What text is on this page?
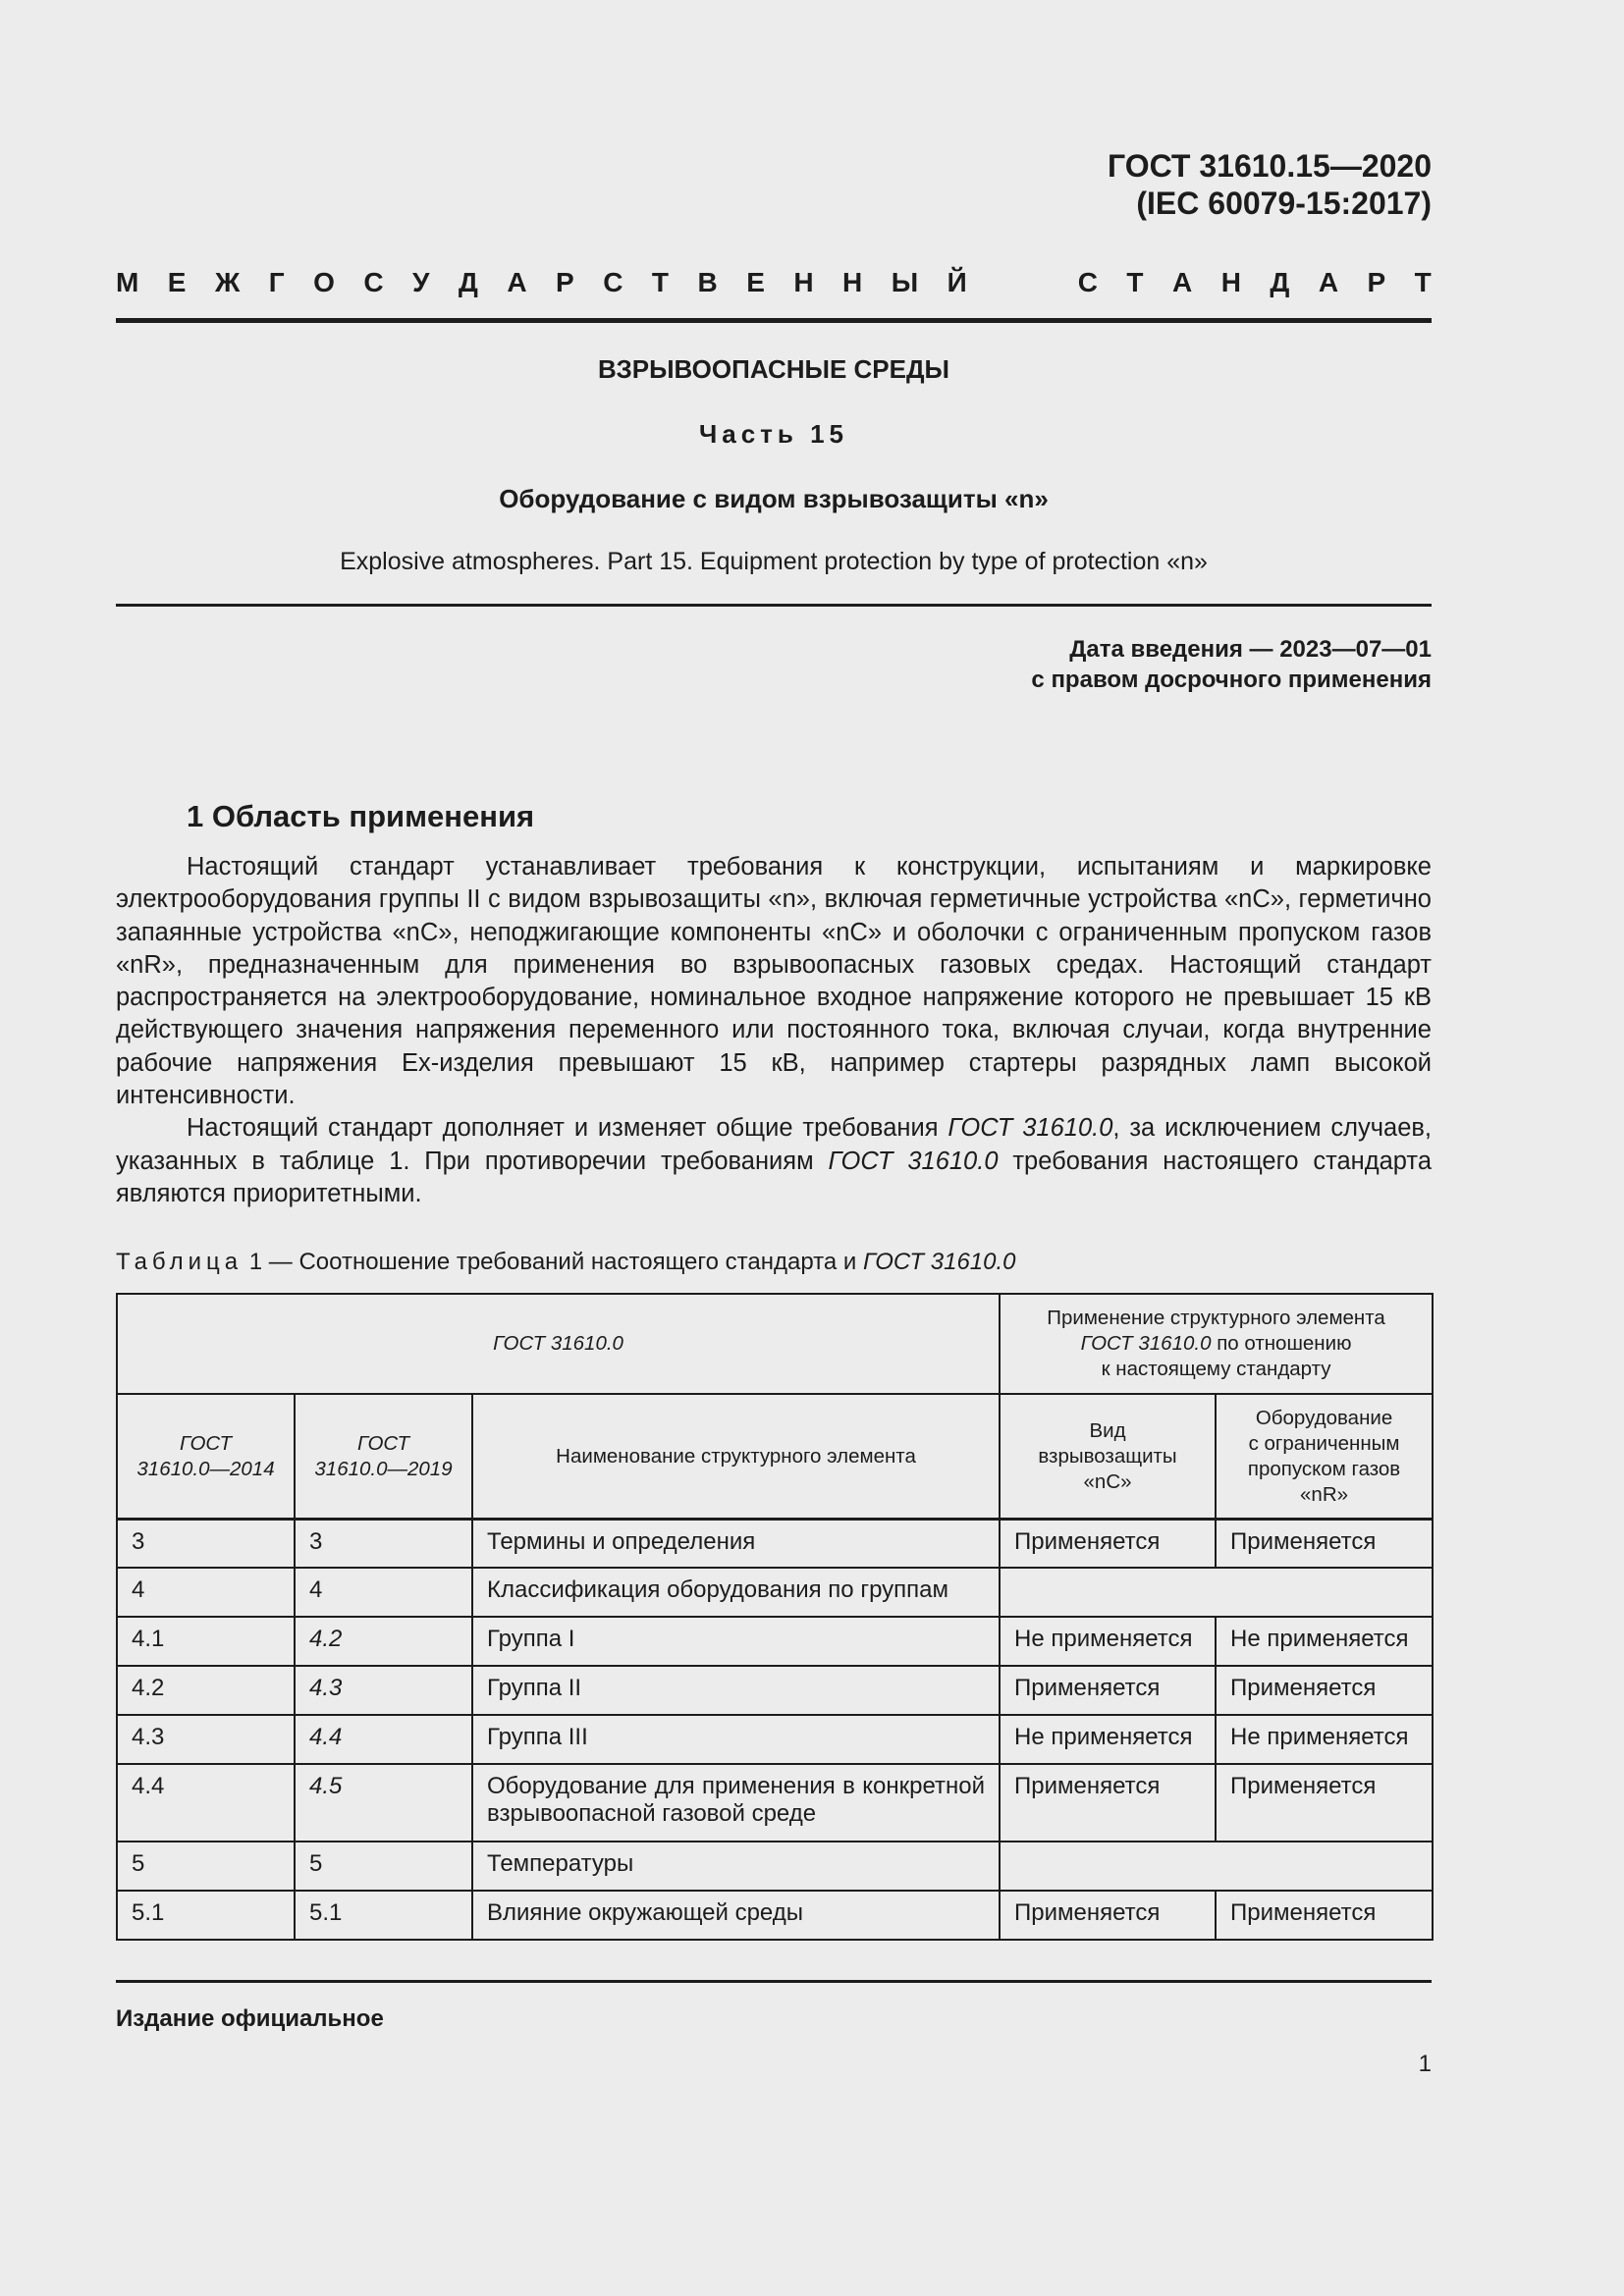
ГОСТ 31610.15—2020
(IEC 60079-15:2017)
М Е Ж Г О С У Д А Р С Т В Е Н Н Ы Й	С Т А Н Д А Р Т
ВЗРЫВООПАСНЫЕ СРЕДЫ
Часть 15
Оборудование с видом взрывозащиты «n»
Explosive atmospheres. Part 15. Equipment protection by type of protection «n»
Дата введения — 2023—07—01
с правом досрочного применения
1 Область применения

Настоящий стандарт устанавливает требования к конструкции, испытаниям и маркировке электрооборудования группы II с видом взрывозащиты «n», включая герметичные устройства «nC», герметично запаянные устройства «nC», неподжигающие компоненты «nC» и оболочки с ограниченным пропуском газов «nR», предназначенным для применения во взрывоопасных газовых средах. Настоящий стандарт распространяется на электрооборудование, номинальное входное напряжение которого не превышает 15 кВ действующего значения напряжения переменного или постоянного тока, включая случаи, когда внутренние рабочие напряжения Ex-изделия превышают 15 кВ, например стартеры разрядных ламп высокой интенсивности.

Настоящий стандарт дополняет и изменяет общие требования ГОСТ 31610.0, за исключением случаев, указанных в таблице 1. При противоречии требованиям ГОСТ 31610.0 требования настоящего стандарта являются приоритетными.

Таблица 1 — Соотношение требований настоящего стандарта и ГОСТ 31610.0
ГОСТ 31610.0			Применение структурного элемента
ГОСТ 31610.0 по отношению
к настоящему стандарту	
ГОСТ
31610.0—2014	ГОСТ
31610.0—2019	Наименование структурного элемента	Вид
взрывозащиты
«nC»	Оборудование
с ограниченным
пропуском газов
«nR»
3	3	Термины и определения	Применяется	Применяется
4	4	Классификация оборудования по группам		
4.1	4.2	Группа I	Не применяется	Не применяется
4.2	4.3	Группа II	Применяется	Применяется
4.3	4.4	Группа III	Не применяется	Не применяется
4.4	4.5	Оборудование для применения в конкретной взрывоопасной газовой среде	Применяется	Применяется
5	5	Температуры		
5.1	5.1	Влияние окружающей среды	Применяется	Применяется
Издание официальное
1
